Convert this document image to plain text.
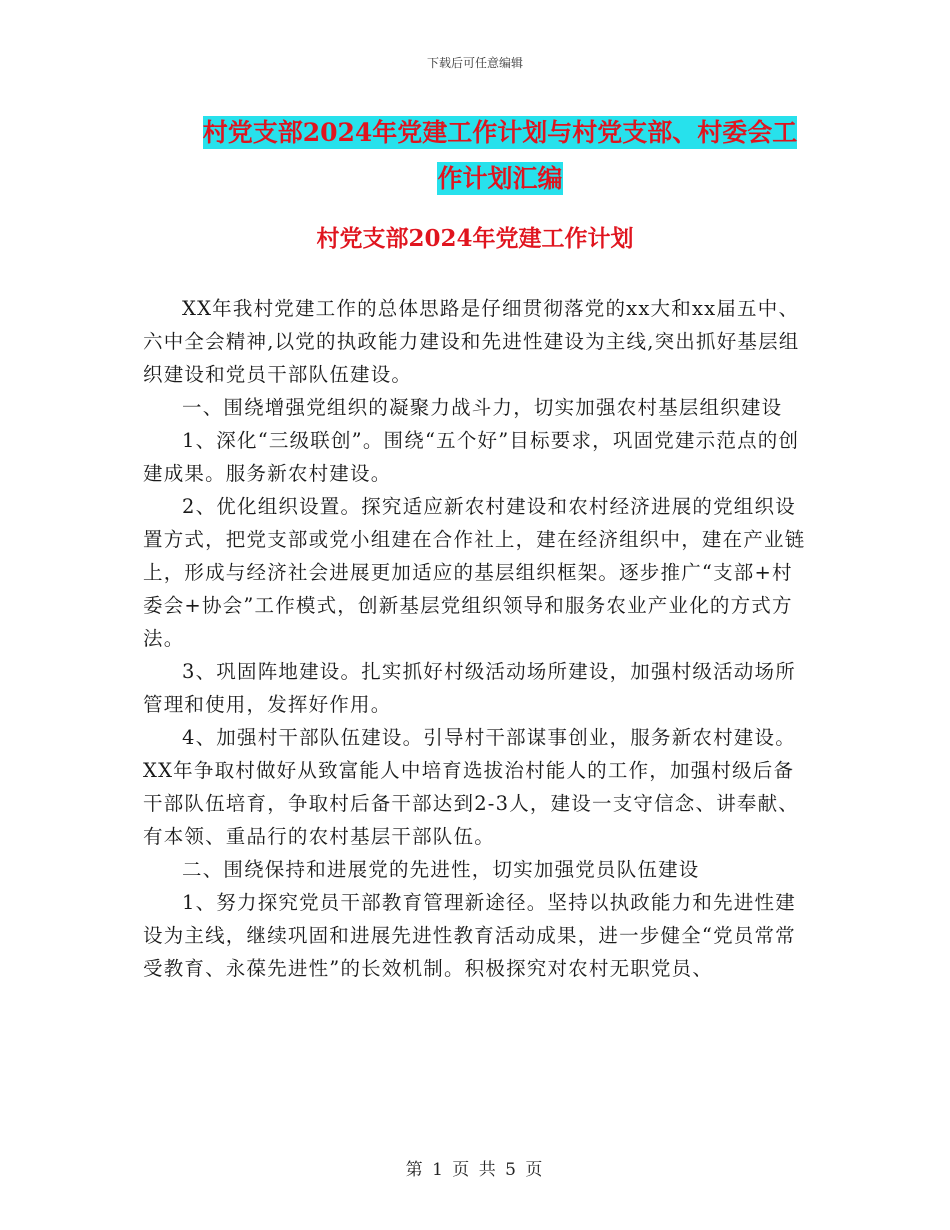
下载后可任意编辑
村党支部2024年党建工作计划与村党支部、村委会工
作计划汇编
村党支部2024年党建工作计划

XX年我村党建工作的总体思路是仔细贯彻落党的xx大和xx届五中、六中全会精神,以党的执政能力建设和先进性建设为主线,突出抓好基层组织建设和党员干部队伍建设。

一、围绕增强党组织的凝聚力战斗力，切实加强农村基层组织建设

1、深化“三级联创”。围绕“五个好”目标要求，巩固党建示范点的创建成果。服务新农村建设。

2、优化组织设置。探究适应新农村建设和农村经济进展的党组织设置方式，把党支部或党小组建在合作社上，建在经济组织中，建在产业链上，形成与经济社会进展更加适应的基层组织框架。逐步推广“支部+村委会+协会”工作模式，创新基层党组织领导和服务农业产业化的方式方法。

3、巩固阵地建设。扎实抓好村级活动场所建设，加强村级活动场所管理和使用，发挥好作用。

4、加强村干部队伍建设。引导村干部谋事创业，服务新农村建设。XX年争取村做好从致富能人中培育选拔治村能人的工作，加强村级后备干部队伍培育，争取村后备干部达到2-3人，建设一支守信念、讲奉献、有本领、重品行的农村基层干部队伍。

二、围绕保持和进展党的先进性，切实加强党员队伍建设

1、努力探究党员干部教育管理新途径。坚持以执政能力和先进性建设为主线，继续巩固和进展先进性教育活动成果，进一步健全“党员常常受教育、永葆先进性”的长效机制。积极探究对农村无职党员、

第 1 页 共 5 页
